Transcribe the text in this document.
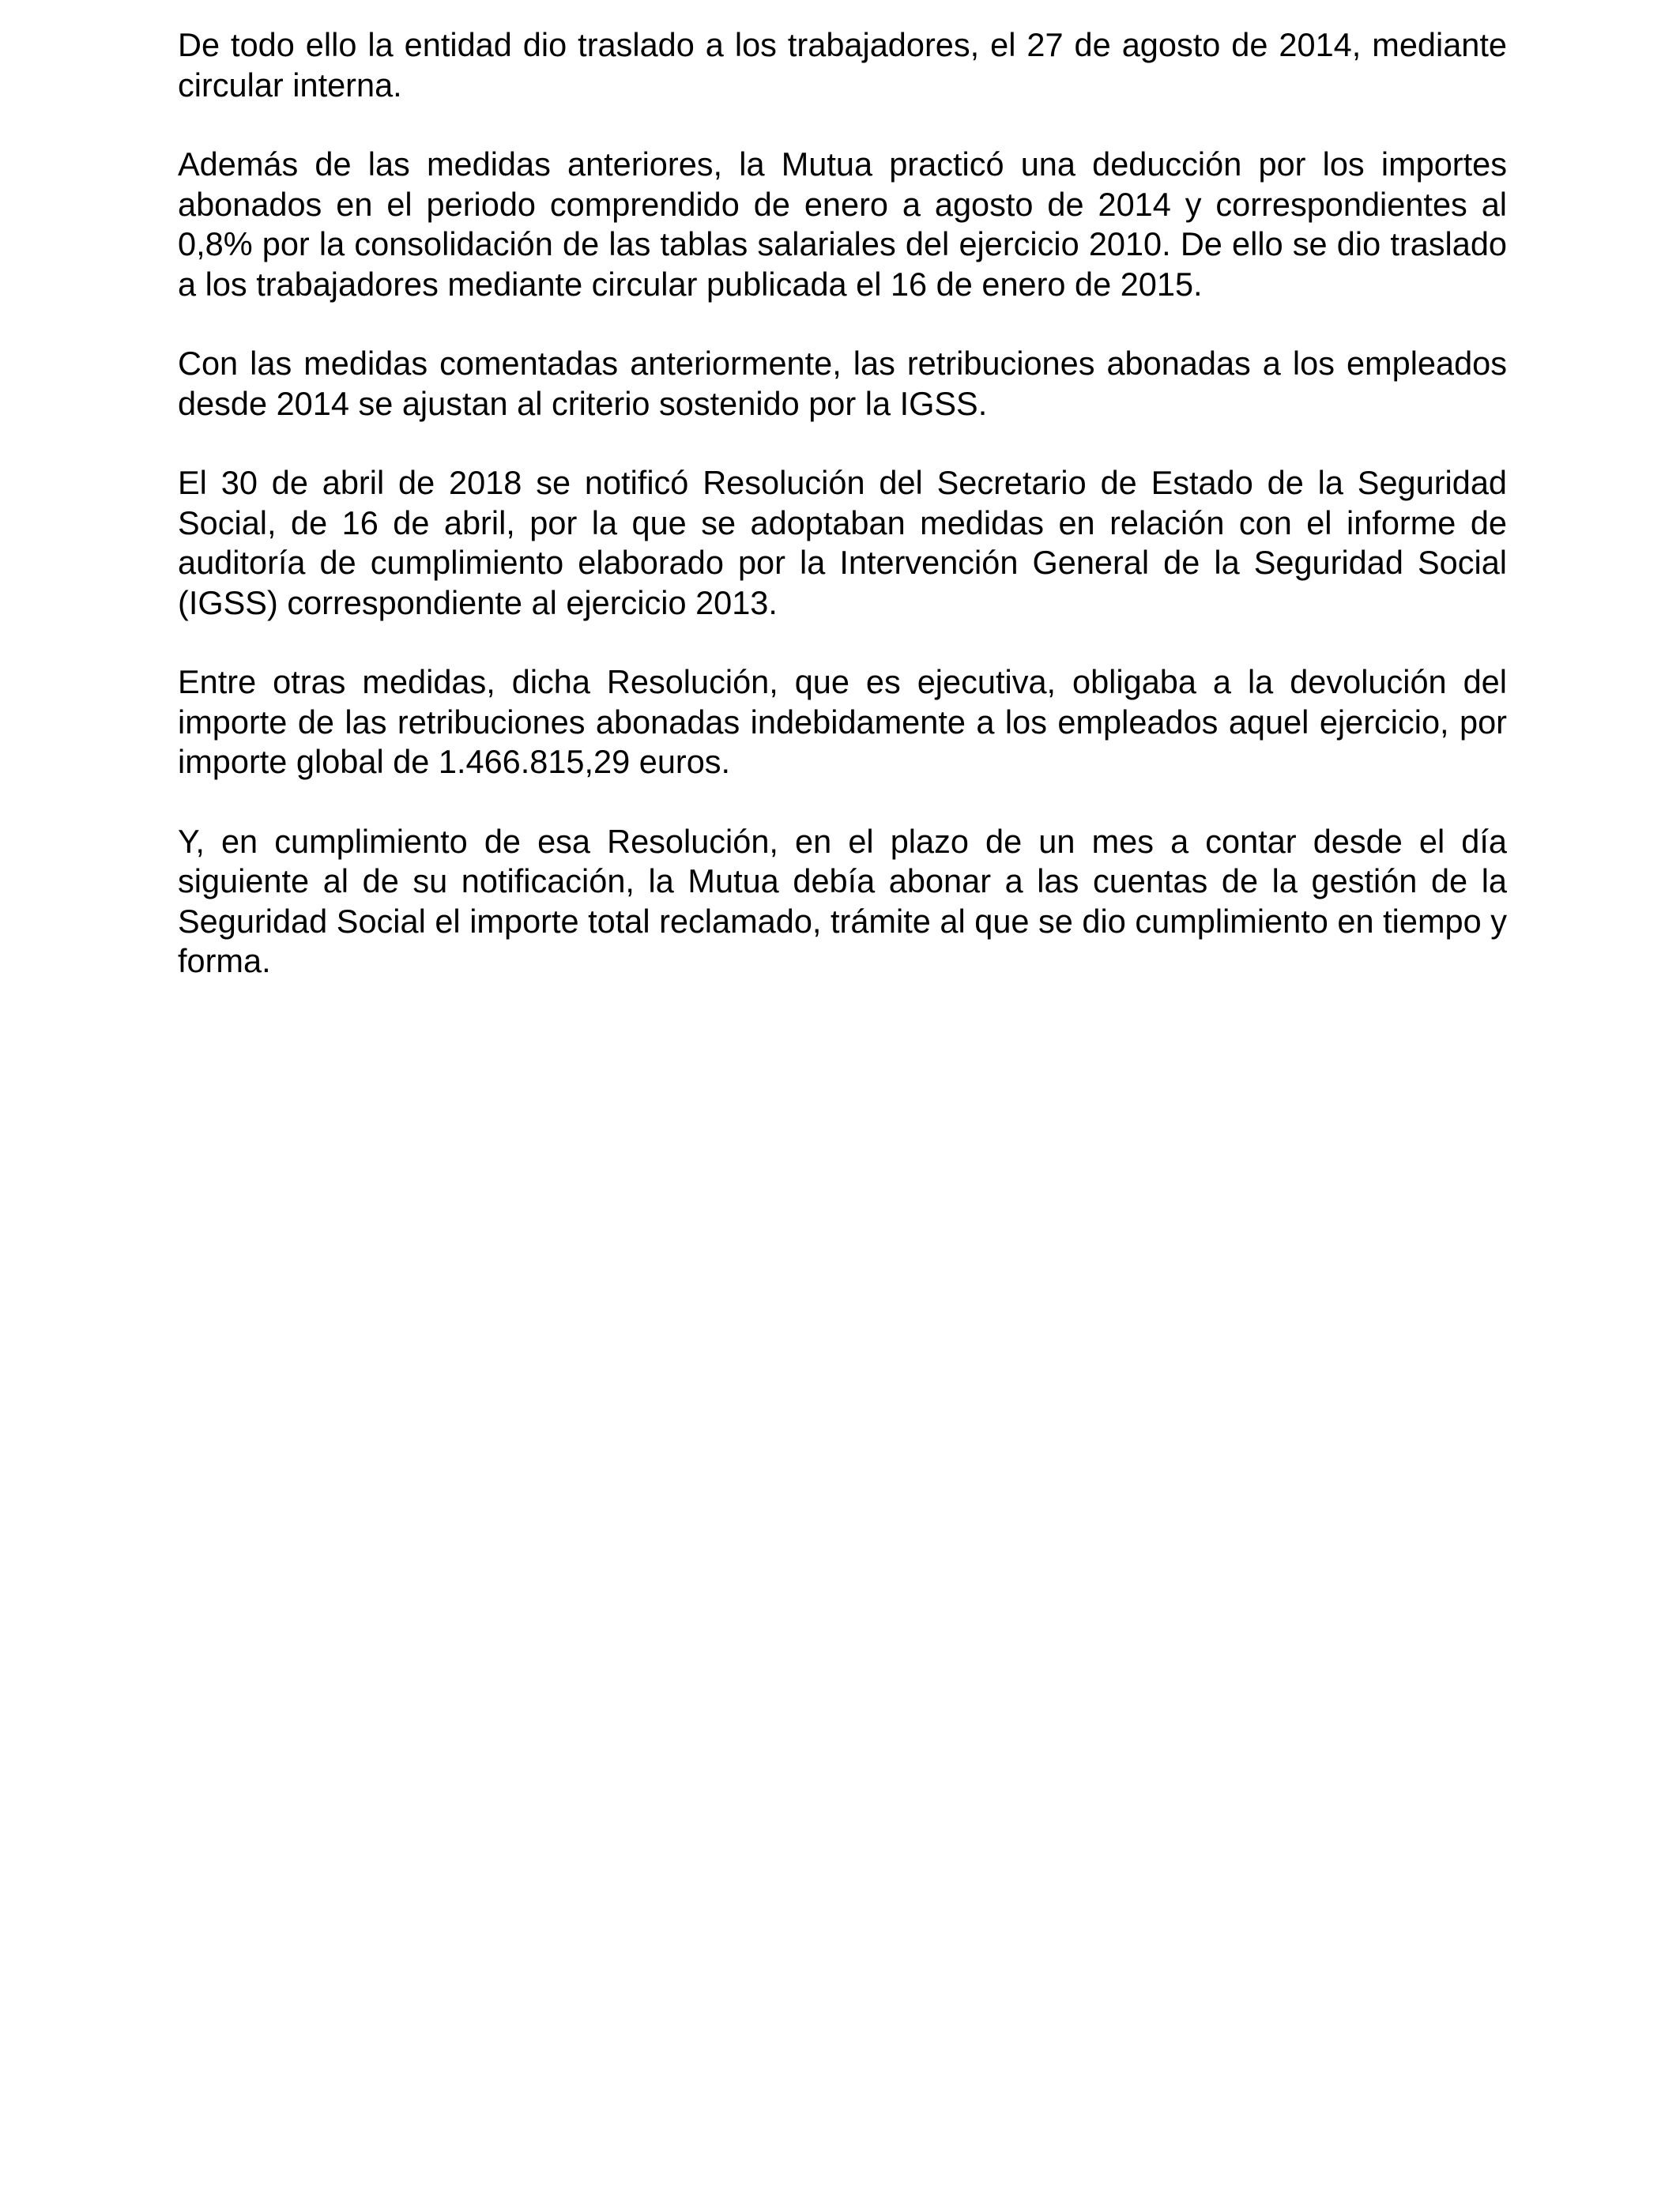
De todo ello la entidad dio traslado a los trabajadores, el 27 de agosto de 2014, mediante circular interna.

Además de las medidas anteriores, la Mutua practicó una deducción por los importes abonados en el periodo comprendido de enero a agosto de 2014 y correspondientes al 0,8% por la consolidación de las tablas salariales del ejercicio 2010. De ello se dio traslado a los trabajadores mediante circular publicada el 16 de enero de 2015.

Con las medidas comentadas anteriormente, las retribuciones abonadas a los empleados desde 2014 se ajustan al criterio sostenido por la IGSS.

El 30 de abril de 2018 se notificó Resolución del Secretario de Estado de la Seguridad Social, de 16 de abril, por la que se adoptaban medidas en relación con el informe de auditoría de cumplimiento elaborado por la Intervención General de la Seguridad Social (IGSS) correspondiente al ejercicio 2013.

Entre otras medidas, dicha Resolución, que es ejecutiva, obligaba a la devolución del importe de las retribuciones abonadas indebidamente a los empleados aquel ejercicio, por importe global de 1.466.815,29 euros.

Y, en cumplimiento de esa Resolución, en el plazo de un mes a contar desde el día siguiente al de su notificación, la Mutua debía abonar a las cuentas de la gestión de la Seguridad Social el importe total reclamado, trámite al que se dio cumplimiento en tiempo y forma.
